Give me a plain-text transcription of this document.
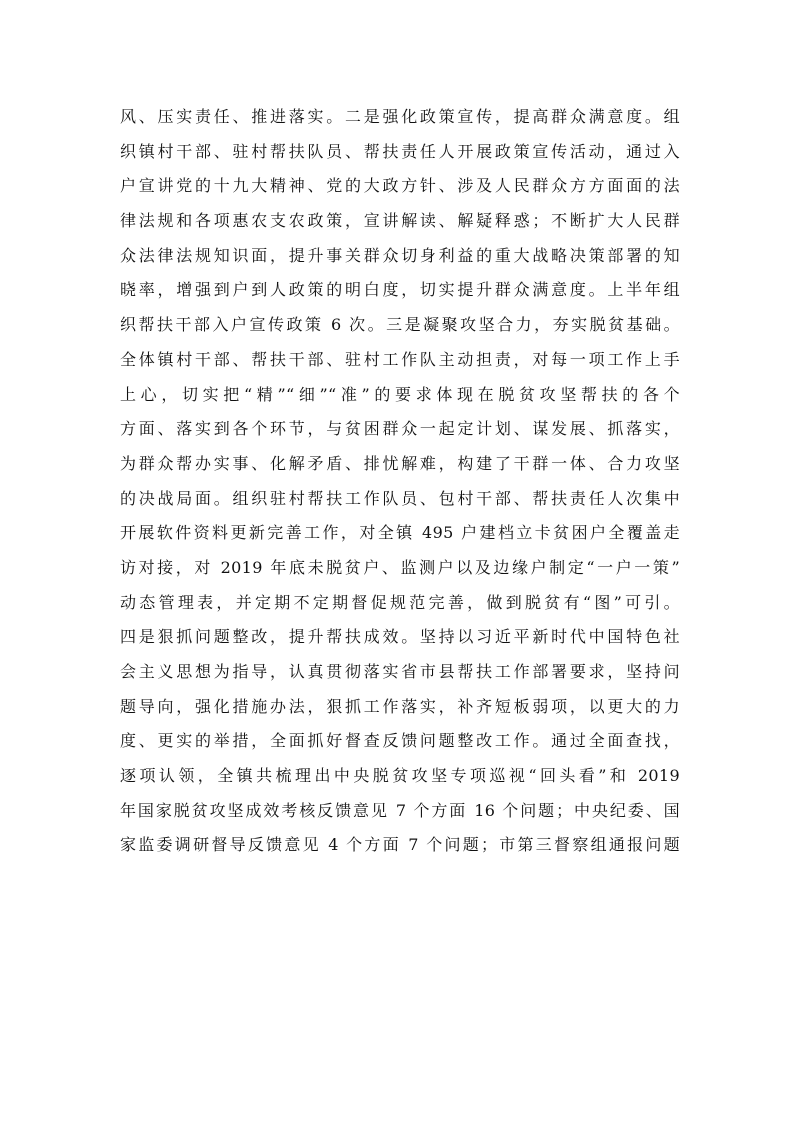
风、压实责任、推进落实。二是强化政策宣传，提高群众满意度。组
织镇村干部、驻村帮扶队员、帮扶责任人开展政策宣传活动，通过入
户宣讲党的十九大精神、党的大政方针、涉及人民群众方方面面的法
律法规和各项惠农支农政策，宣讲解读、解疑释惑；不断扩大人民群
众法律法规知识面，提升事关群众切身利益的重大战略决策部署的知
晓率，增强到户到人政策的明白度，切实提升群众满意度。上半年组
织帮扶干部入户宣传政策 6 次。三是凝聚攻坚合力，夯实脱贫基础。
全体镇村干部、帮扶干部、驻村工作队主动担责，对每一项工作上手
上心，切实把“精”“细”“准”的要求体现在脱贫攻坚帮扶的各个
方面、落实到各个环节，与贫困群众一起定计划、谋发展、抓落实，
为群众帮办实事、化解矛盾、排忧解难，构建了干群一体、合力攻坚
的决战局面。组织驻村帮扶工作队员、包村干部、帮扶责任人次集中
开展软件资料更新完善工作，对全镇 495 户建档立卡贫困户全覆盖走
访对接，对 2019 年底未脱贫户、监测户以及边缘户制定“一户一策”
动态管理表，并定期不定期督促规范完善，做到脱贫有“图”可引。
四是狠抓问题整改，提升帮扶成效。坚持以习近平新时代中国特色社
会主义思想为指导，认真贯彻落实省市县帮扶工作部署要求，坚持问
题导向，强化措施办法，狠抓工作落实，补齐短板弱项，以更大的力
度、更实的举措，全面抓好督查反馈问题整改工作。通过全面查找，
逐项认领，全镇共梳理出中央脱贫攻坚专项巡视“回头看”和 2019
年国家脱贫攻坚成效考核反馈意见 7 个方面 16 个问题；中央纪委、国
家监委调研督导反馈意见 4 个方面 7 个问题；市第三督察组通报问题
